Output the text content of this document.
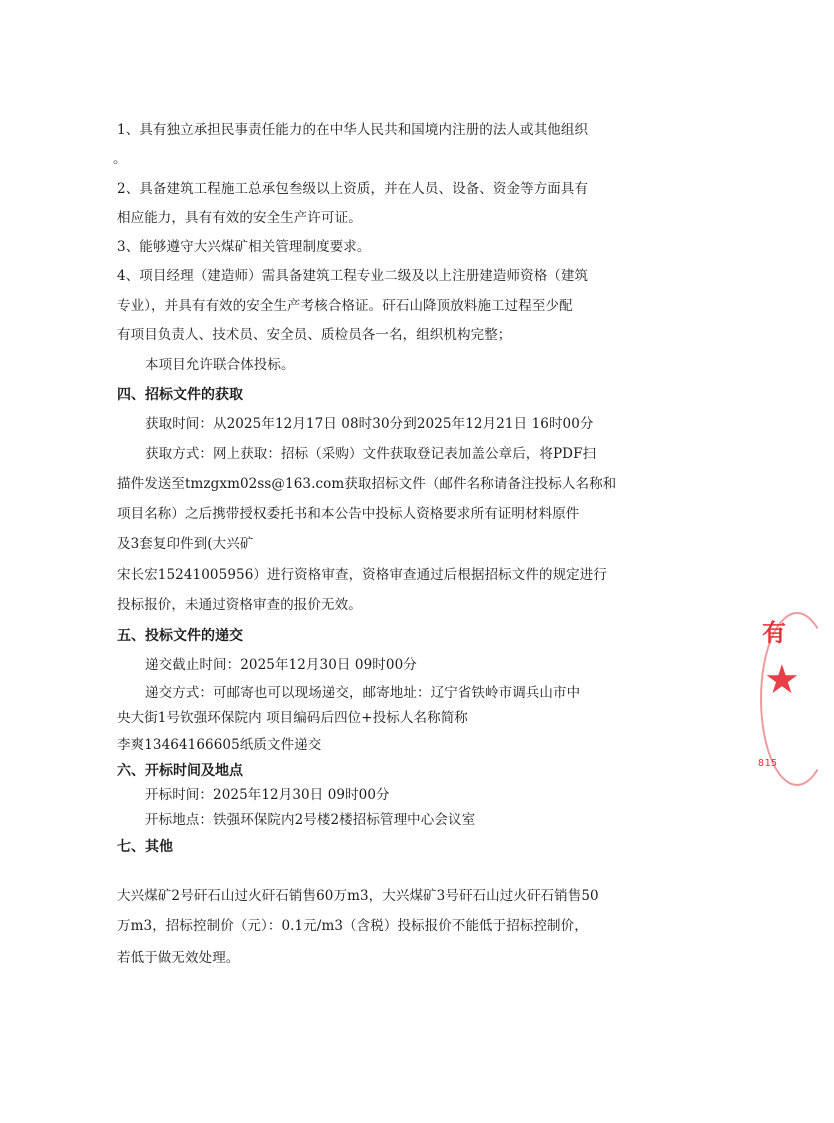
1、具有独立承担民事责任能力的在中华人民共和国境内注册的法人或其他组织
。
2、具备建筑工程施工总承包叁级以上资质，并在人员、设备、资金等方面具有
相应能力，具有有效的安全生产许可证。
3、能够遵守大兴煤矿相关管理制度要求。
4、项目经理（建造师）需具备建筑工程专业二级及以上注册建造师资格（建筑
专业），并具有有效的安全生产考核合格证。矸石山降顶放料施工过程至少配
有项目负责人、技术员、安全员、质检员各一名，组织机构完整；
本项目允许联合体投标。
四、招标文件的获取
获取时间：从2025年12月17日 08时30分到2025年12月21日 16时00分
获取方式：网上获取：招标（采购）文件获取登记表加盖公章后，将PDF扫
描件发送至tmzgxm02ss@163.com获取招标文件（邮件名称请备注投标人名称和
项目名称）之后携带授权委托书和本公告中投标人资格要求所有证明材料原件
及3套复印件到(大兴矿
宋长宏15241005956）进行资格审查，资格审查通过后根据招标文件的规定进行
投标报价，未通过资格审查的报价无效。
五、投标文件的递交
递交截止时间：2025年12月30日 09时00分
递交方式：可邮寄也可以现场递交，邮寄地址：辽宁省铁岭市调兵山市中
央大街1号钦强环保院内 项目编码后四位+投标人名称简称
李爽13464166605纸质文件递交
六、开标时间及地点
开标时间：2025年12月30日 09时00分
开标地点：铁强环保院内2号楼2楼招标管理中心会议室
七、其他
大兴煤矿2号矸石山过火矸石销售60万m3，大兴煤矿3号矸石山过火矸石销售50
万m3，招标控制价（元）：0.1元/m3（含税）投标报价不能低于招标控制价，
若低于做无效处理。
有
★
815
